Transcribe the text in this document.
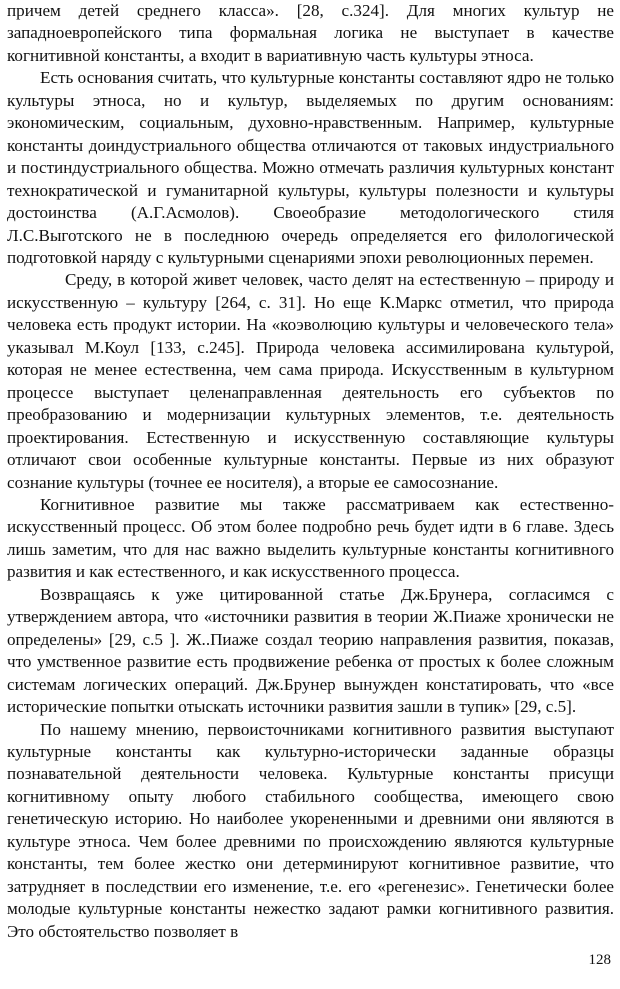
причем детей среднего класса». [28, с.324]. Для многих культур не западноевропейского типа формальная логика не выступает в качестве когнитивной константы, а входит в вариативную часть культуры этноса.

Есть основания считать, что культурные константы составляют ядро не только культуры этноса, но и культур, выделяемых по другим основаниям: экономическим, социальным, духовно-нравственным. Например, культурные константы доиндустриального общества отличаются от таковых индустриального и постиндустриального общества. Можно отмечать различия культурных констант технократической и гуманитарной культуры, культуры полезности и культуры достоинства (А.Г.Асмолов). Своеобразие методологического стиля Л.С.Выготского не в последнюю очередь определяется его филологической подготовкой наряду с культурными сценариями эпохи революционных перемен.

Среду, в которой живет человек, часто делят на естественную – природу и искусственную – культуру [264, с. 31]. Но еще К.Маркс отметил, что природа человека есть продукт истории. На «коэволюцию культуры и человеческого тела» указывал М.Коул [133, с.245]. Природа человека ассимилирована культурой, которая не менее естественна, чем сама природа. Искусственным в культурном процессе выступает целенаправленная деятельность его субъектов по преобразованию и модернизации культурных элементов, т.е. деятельность проектирования. Естественную и искусственную составляющие культуры отличают свои особенные культурные константы. Первые из них образуют сознание культуры (точнее ее носителя), а вторые ее самосознание.

Когнитивное развитие мы также рассматриваем как естественно-искусственный процесс. Об этом более подробно речь будет идти в 6 главе. Здесь лишь заметим, что для нас важно выделить культурные константы когнитивного развития и как естественного, и как искусственного процесса.

Возвращаясь к уже цитированной статье Дж.Брунера, согласимся с утверждением автора, что «источники развития в теории Ж.Пиаже хронически не определены» [29, с.5 ]. Ж..Пиаже создал теорию направления развития, показав, что умственное развитие есть продвижение ребенка от простых к более сложным системам логических операций. Дж.Брунер вынужден констатировать, что «все исторические попытки отыскать источники развития зашли в тупик» [29, с.5].

По нашему мнению, первоисточниками когнитивного развития выступают культурные константы как культурно-исторически заданные образцы познавательной деятельности человека. Культурные константы присущи когнитивному опыту любого стабильного сообщества, имеющего свою генетическую историю. Но наиболее укорененными и древними они являются в культуре этноса. Чем более древними по происхождению являются культурные константы, тем более жестко они детерминируют когнитивное развитие, что затрудняет в последствии его изменение, т.е. его «регенезис». Генетически более молодые культурные константы нежестко задают рамки когнитивного развития. Это обстоятельство позволяет в

128
